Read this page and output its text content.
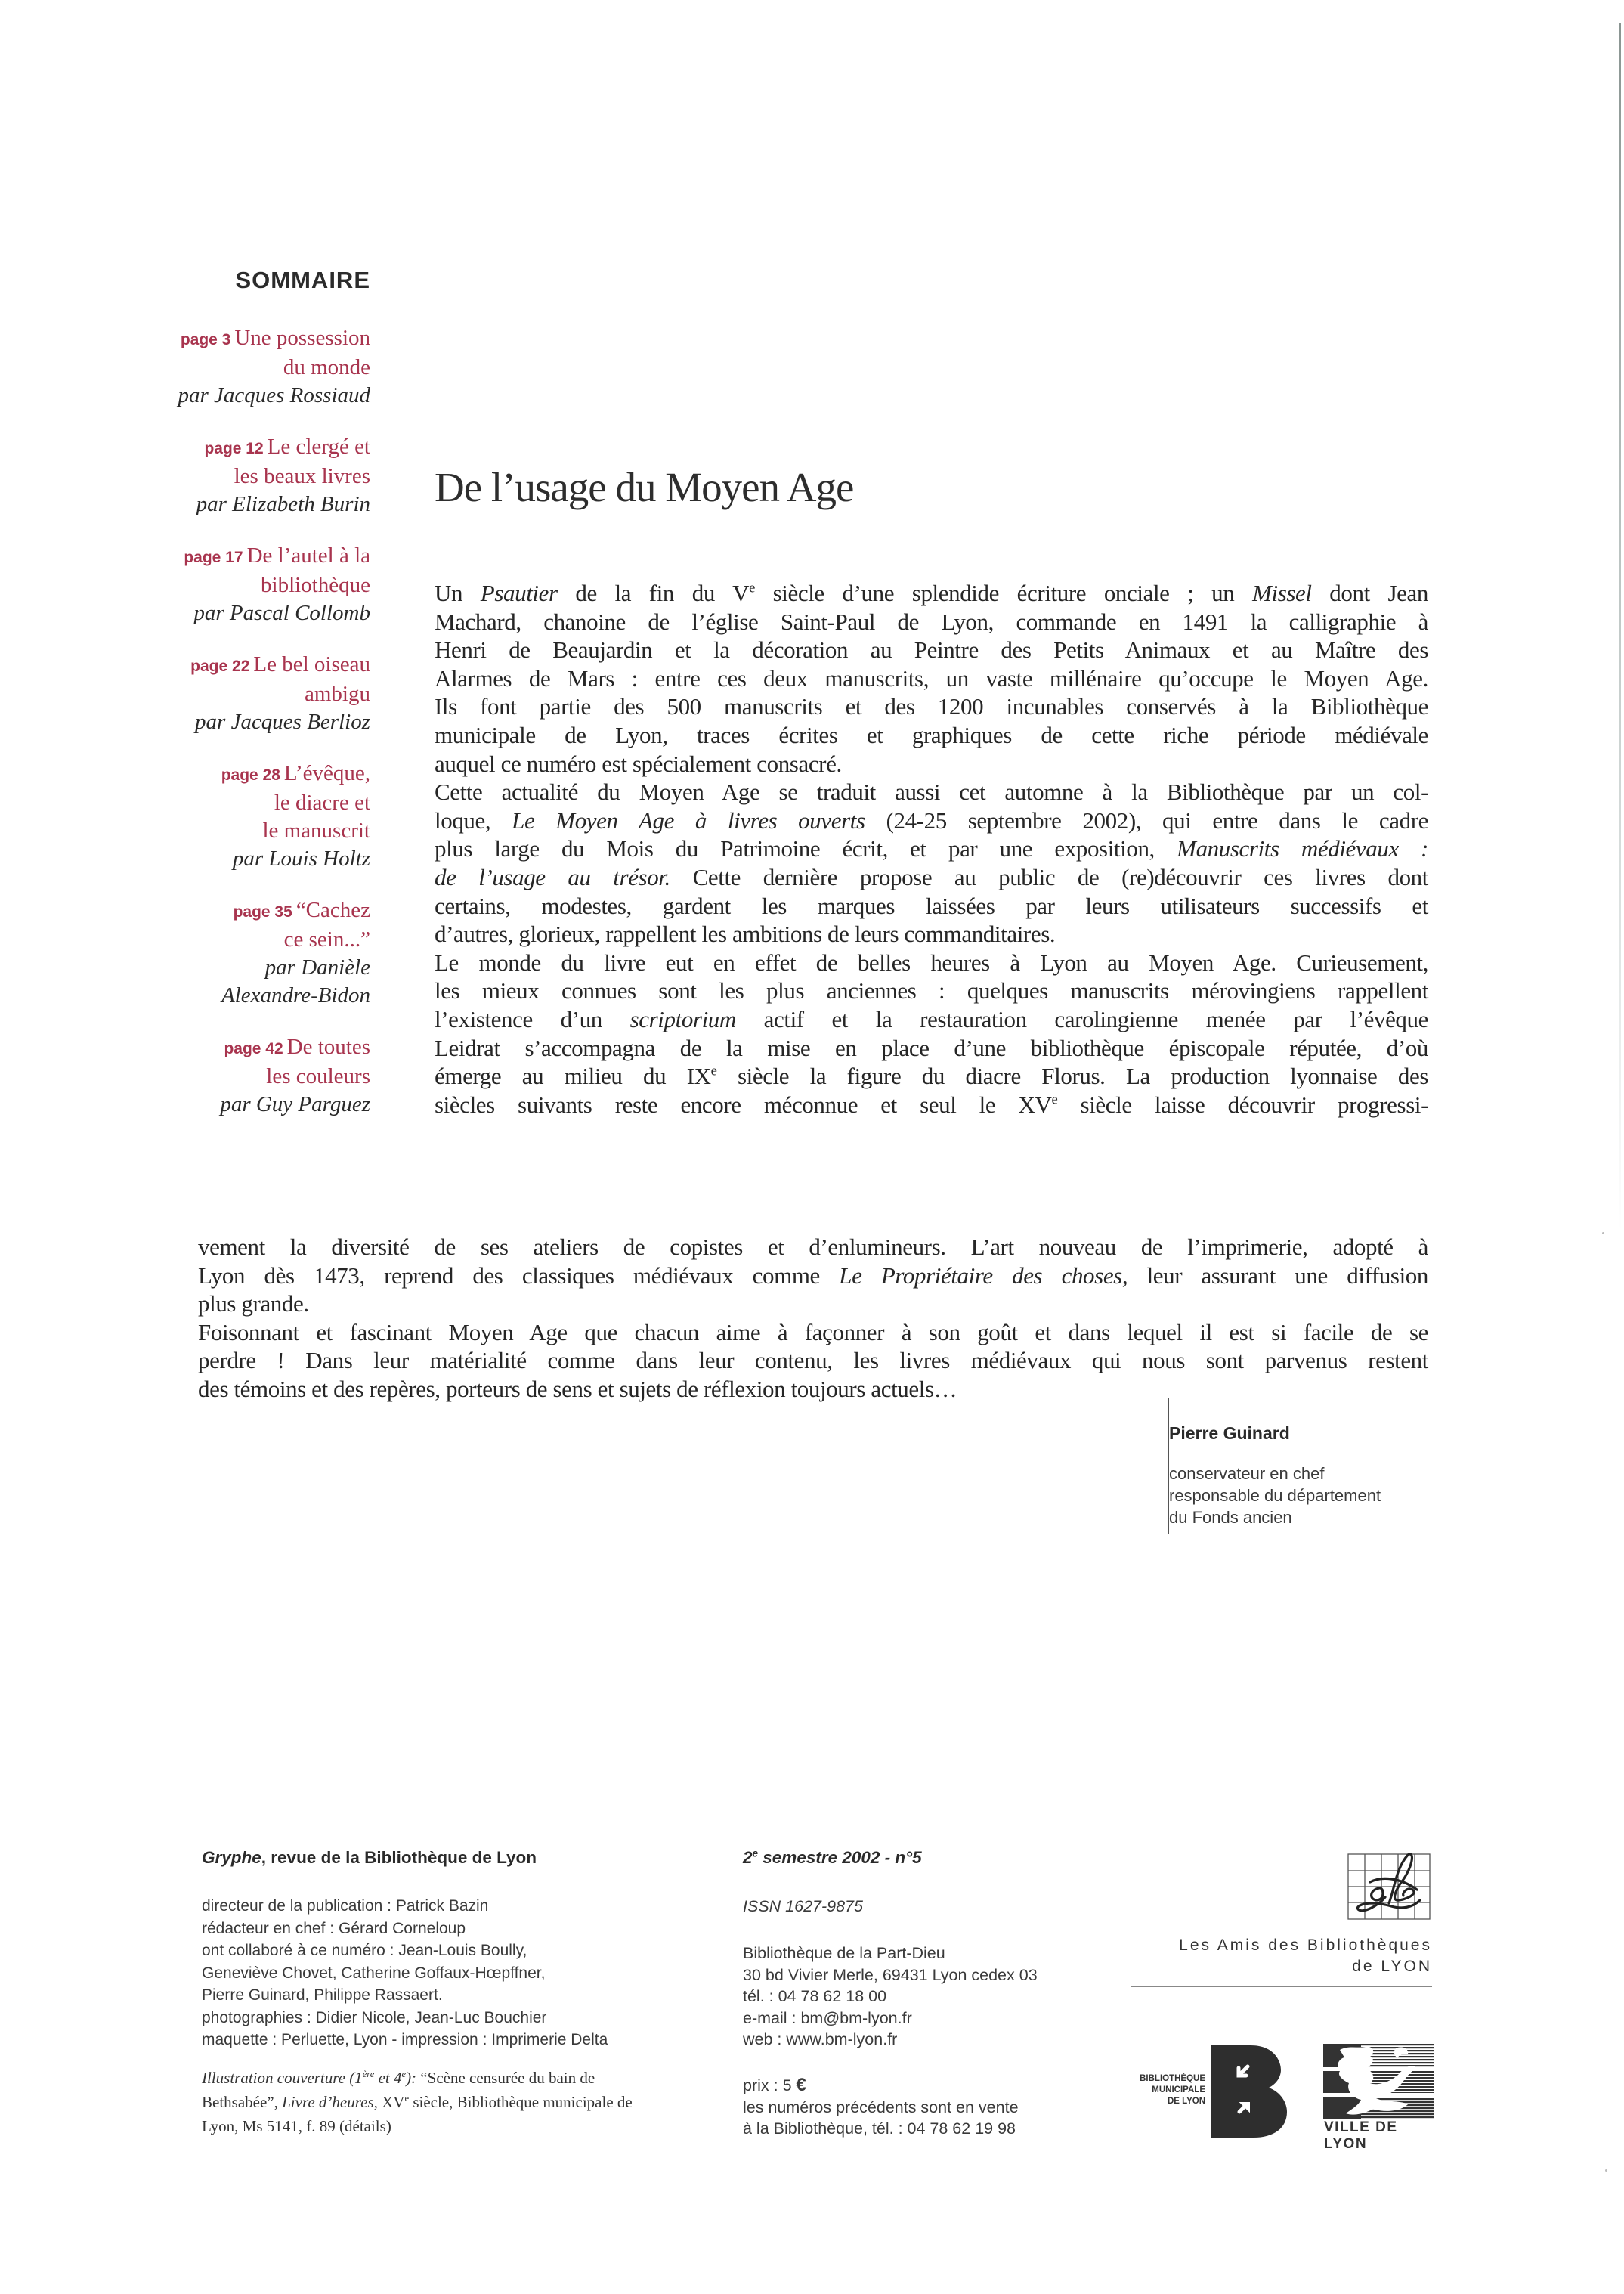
SOMMAIRE
page 3 Une possession
du monde
par Jacques Rossiaud
page 12 Le clergé et
les beaux livres
par Elizabeth Burin
page 17 De l’autel à la
bibliothèque
par Pascal Collomb
page 22 Le bel oiseau
ambigu
par Jacques Berlioz
page 28 L’évêque,
le diacre et
le manuscrit
par Louis Holtz
page 35 “Cachez
ce sein...”
par Danièle
Alexandre-Bidon
page 42 De toutes
les couleurs
par Guy Parguez
De l’usage du Moyen Age
Un Psautier de la fin du Ve siècle d’une splendide écriture onciale ; un Missel dont Jean
Machard, chanoine de l’église Saint-Paul de Lyon, commande en 1491 la calligraphie à
Henri de Beaujardin et la décoration au Peintre des Petits Animaux et au Maître des
Alarmes de Mars : entre ces deux manuscrits, un vaste millénaire qu’occupe le Moyen Age.
Ils font partie des 500 manuscrits et des 1200 incunables conservés à la Bibliothèque
municipale de Lyon, traces écrites et graphiques de cette riche période médiévale
auquel ce numéro est spécialement consacré.
Cette actualité du Moyen Age se traduit aussi cet automne à la Bibliothèque par un col-
loque, Le Moyen Age à livres ouverts (24-25 septembre 2002), qui entre dans le cadre
plus large du Mois du Patrimoine écrit, et par une exposition, Manuscrits médiévaux :
de l’usage au trésor. Cette dernière propose au public de (re)découvrir ces livres dont
certains, modestes, gardent les marques laissées par leurs utilisateurs successifs et
d’autres, glorieux, rappellent les ambitions de leurs commanditaires.
Le monde du livre eut en effet de belles heures à Lyon au Moyen Age. Curieusement,
les mieux connues sont les plus anciennes : quelques manuscrits mérovingiens rappellent
l’existence d’un scriptorium actif et la restauration carolingienne menée par l’évêque
Leidrat s’accompagna de la mise en place d’une bibliothèque épiscopale réputée, d’où
émerge au milieu du IXe siècle la figure du diacre Florus. La production lyonnaise des
siècles suivants reste encore méconnue et seul le XVe siècle laisse découvrir progressi-
vement la diversité de ses ateliers de copistes et d’enlumineurs. L’art nouveau de l’imprimerie, adopté à
Lyon dès 1473, reprend des classiques médiévaux comme Le Propriétaire des choses, leur assurant une diffusion
plus grande.
Foisonnant et fascinant Moyen Age que chacun aime à façonner à son goût et dans lequel il est si facile de se
perdre ! Dans leur matérialité comme dans leur contenu, les livres médiévaux qui nous sont parvenus restent
des témoins et des repères, porteurs de sens et sujets de réflexion toujours actuels…
Pierre Guinard
conservateur en chef
responsable du département
du Fonds ancien
Gryphe, revue de la Bibliothèque de Lyon
directeur de la publication : Patrick Bazin
rédacteur en chef : Gérard Corneloup
ont collaboré à ce numéro : Jean-Louis Boully,
Geneviève Chovet, Catherine Goffaux-Hœpffner,
Pierre Guinard, Philippe Rassaert.
photographies : Didier Nicole, Jean-Luc Bouchier
maquette : Perluette, Lyon - impression : Imprimerie Delta
Illustration couverture (1ère et 4e): “Scène censurée du bain de
Bethsabée”, Livre d’heures, XVe siècle, Bibliothèque municipale de
Lyon, Ms 5141, f. 89 (détails)
2e semestre 2002 - n°5
ISSN 1627-9875
Bibliothèque de la Part-Dieu
30 bd Vivier Merle, 69431 Lyon cedex 03
tél. : 04 78 62 18 00
e-mail : bm@bm-lyon.fr
web : www.bm-lyon.fr
prix : 5 €
les numéros précédents sont en vente
à la Bibliothèque, tél. : 04 78 62 19 98
Les Amis des Bibliothèques
de LYON
BIBLIOTHÈQUE
MUNICIPALE
DE LYON
VILLE DE LYON
